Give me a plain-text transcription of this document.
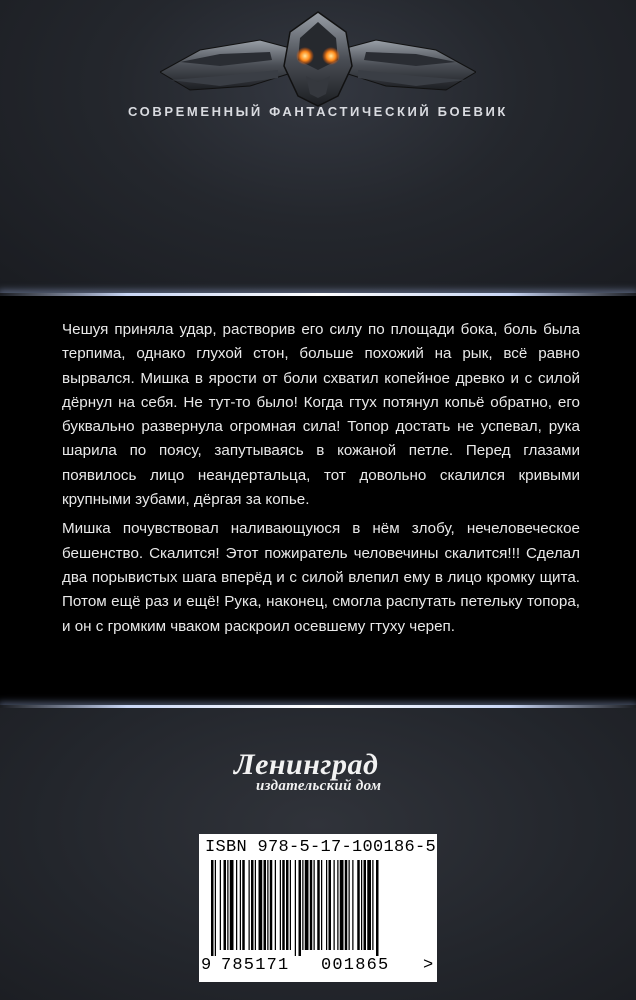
СОВРЕМЕННЫЙ ФАНТАСТИЧЕСКИЙ БОЕВИК

Чешуя приняла удар, растворив его силу по площади бока, боль была терпима, однако глухой стон, больше похожий на рык, всё равно вырвался. Мишка в ярости от боли схватил копейное древко и с силой дёрнул на себя. Не тут-то было! Когда гтух потянул копьё обратно, его буквально развернула огромная сила! Топор достать не успевал, рука шарила по поясу, запутываясь в кожаной петле. Перед глазами появилось лицо неандертальца, тот довольно скалился кривыми крупными зубами, дёргая за копье.

Мишка почувствовал наливающуюся в нём злобу, нечеловеческое бешенство. Скалится! Этот пожиратель человечины скалится!!! Сделал два порывистых шага вперёд и с силой влепил ему в лицо кромку щита. Потом ещё раз и ещё! Рука, наконец, смогла распутать петельку топора, и он с громким чваком раскроил осевшему гтуху череп.

Ленинград
издательский дом
ISBN 978-5-17-100186-5
9 785171 001865 >
